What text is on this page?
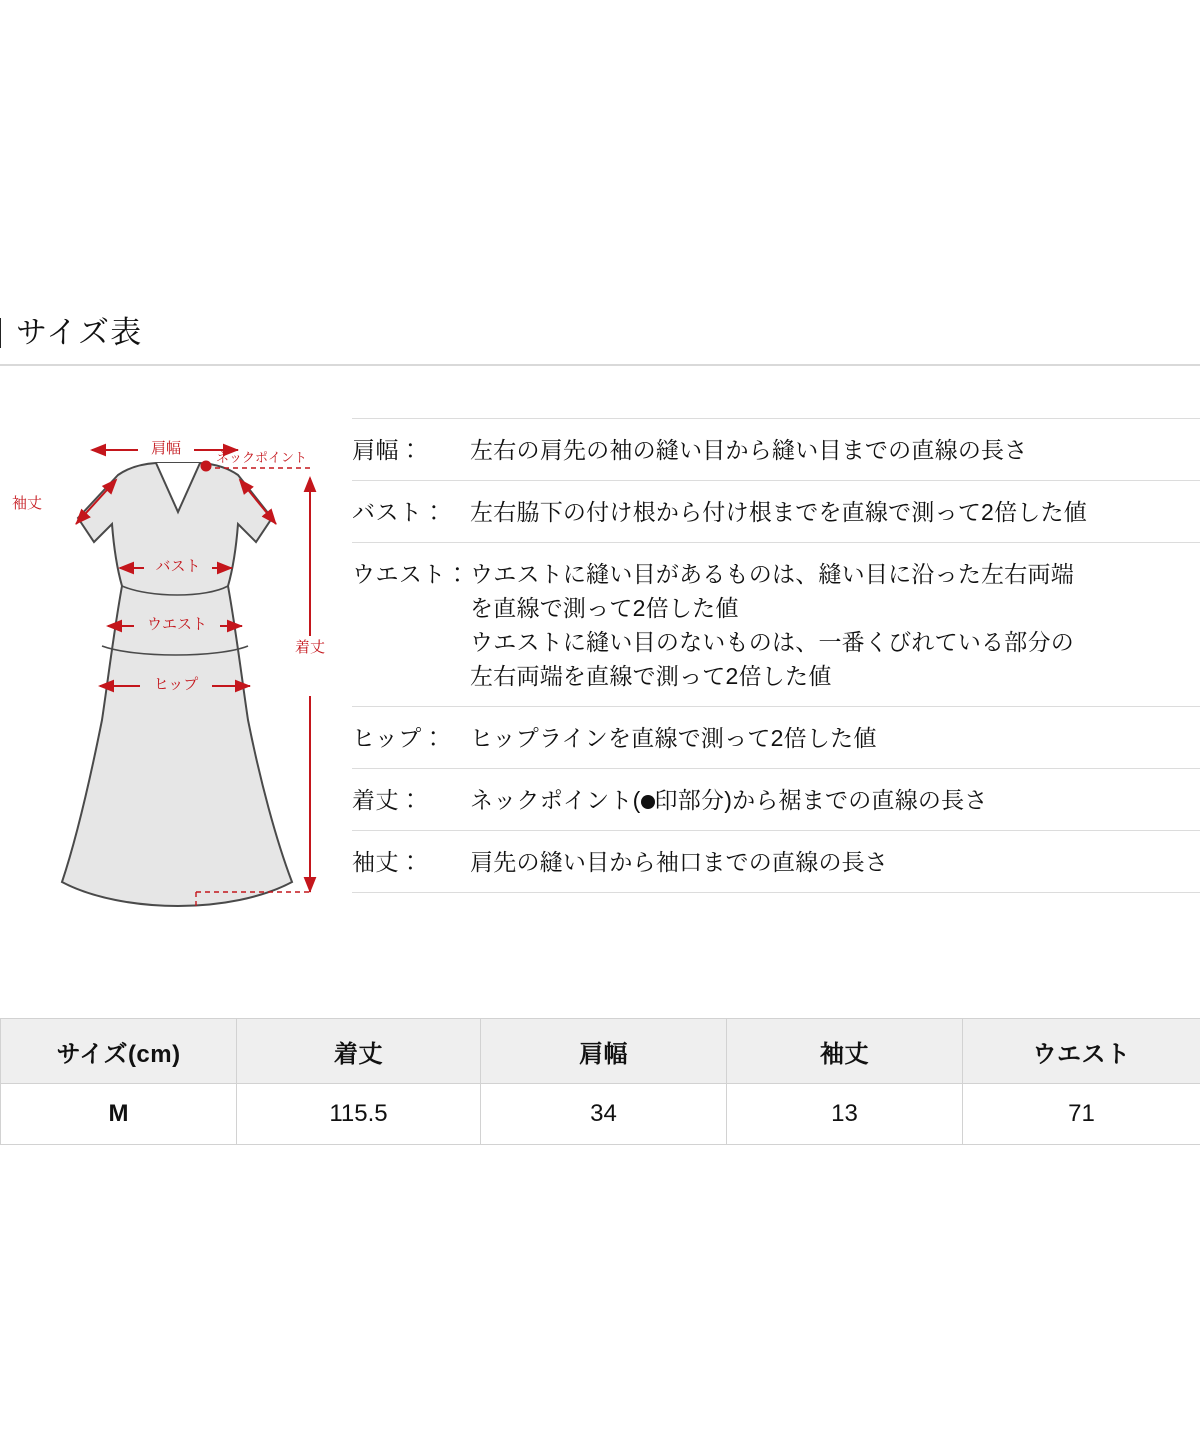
サイズ表
肩幅
ネックポイント
袖丈
バスト
ウエスト
ヒップ
着丈
肩幅：	左右の肩先の袖の縫い目から縫い目までの直線の長さ
バスト：	左右脇下の付け根から付け根までを直線で測って2倍した値
ウエスト： ウエストに縫い目があるものは、縫い目に沿った左右両端
を直線で測って2倍した値
ウエストに縫い目のないものは、一番くびれている部分の
左右両端を直線で測って2倍した値
ヒップ：	ヒップラインを直線で測って2倍した値
着丈：	ネックポイント( 印部分)から裾までの直線の長さ
袖丈：	肩先の縫い目から袖口までの直線の長さ
サイズ(cm)	着丈	肩幅	袖丈	ウエスト
M	115.5	34	13	71
